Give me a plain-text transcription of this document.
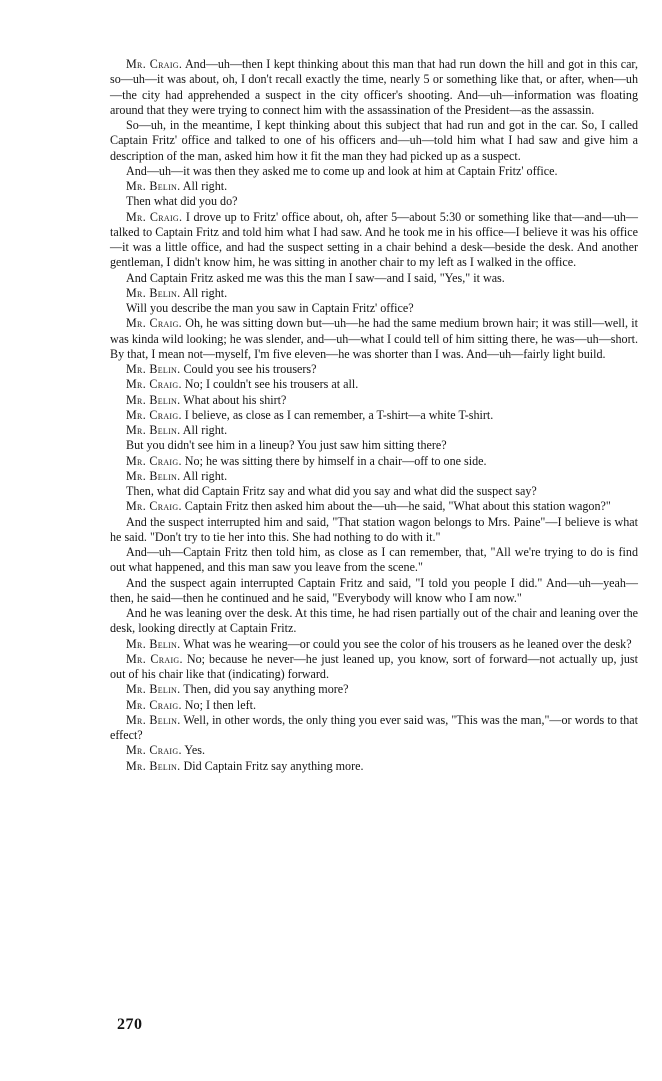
Mr. Craig. And—uh—then I kept thinking about this man that had run down the hill and got in this car, so—uh—it was about, oh, I don't recall exactly the time, nearly 5 or something like that, or after, when—uh—the city had apprehended a suspect in the city officer's shooting. And—uh—information was floating around that they were trying to connect him with the assassination of the President—as the assassin.

So—uh, in the meantime, I kept thinking about this subject that had run and got in the car. So, I called Captain Fritz' office and talked to one of his officers and—uh—told him what I had saw and give him a description of the man, asked him how it fit the man they had picked up as a suspect.

And—uh—it was then they asked me to come up and look at him at Captain Fritz' office.

Mr. Belin. All right.

Then what did you do?

Mr. Craig. I drove up to Fritz' office about, oh, after 5—about 5:30 or something like that—and—uh—talked to Captain Fritz and told him what I had saw. And he took me in his office—I believe it was his office—it was a little office, and had the suspect setting in a chair behind a desk—beside the desk. And another gentleman, I didn't know him, he was sitting in another chair to my left as I walked in the office.

And Captain Fritz asked me was this the man I saw—and I said, "Yes," it was.

Mr. Belin. All right.

Will you describe the man you saw in Captain Fritz' office?

Mr. Craig. Oh, he was sitting down but—uh—he had the same medium brown hair; it was still—well, it was kinda wild looking; he was slender, and—uh—what I could tell of him sitting there, he was—uh—short. By that, I mean not—myself, I'm five eleven—he was shorter than I was. And—uh—fairly light build.

Mr. Belin. Could you see his trousers?

Mr. Craig. No; I couldn't see his trousers at all.

Mr. Belin. What about his shirt?

Mr. Craig. I believe, as close as I can remember, a T-shirt—a white T-shirt.

Mr. Belin. All right.

But you didn't see him in a lineup? You just saw him sitting there?

Mr. Craig. No; he was sitting there by himself in a chair—off to one side.

Mr. Belin. All right.

Then, what did Captain Fritz say and what did you say and what did the suspect say?

Mr. Craig. Captain Fritz then asked him about the—uh—he said, "What about this station wagon?"

And the suspect interrupted him and said, "That station wagon belongs to Mrs. Paine"—I believe is what he said. "Don't try to tie her into this. She had nothing to do with it."

And—uh—Captain Fritz then told him, as close as I can remember, that, "All we're trying to do is find out what happened, and this man saw you leave from the scene."

And the suspect again interrupted Captain Fritz and said, "I told you people I did." And—uh—yeah—then, he said—then he continued and he said, "Everybody will know who I am now."

And he was leaning over the desk. At this time, he had risen partially out of the chair and leaning over the desk, looking directly at Captain Fritz.

Mr. Belin. What was he wearing—or could you see the color of his trousers as he leaned over the desk?

Mr. Craig. No; because he never—he just leaned up, you know, sort of forward—not actually up, just out of his chair like that (indicating) forward.

Mr. Belin. Then, did you say anything more?

Mr. Craig. No; I then left.

Mr. Belin. Well, in other words, the only thing you ever said was, "This was the man,"—or words to that effect?

Mr. Craig. Yes.

Mr. Belin. Did Captain Fritz say anything more.

270
